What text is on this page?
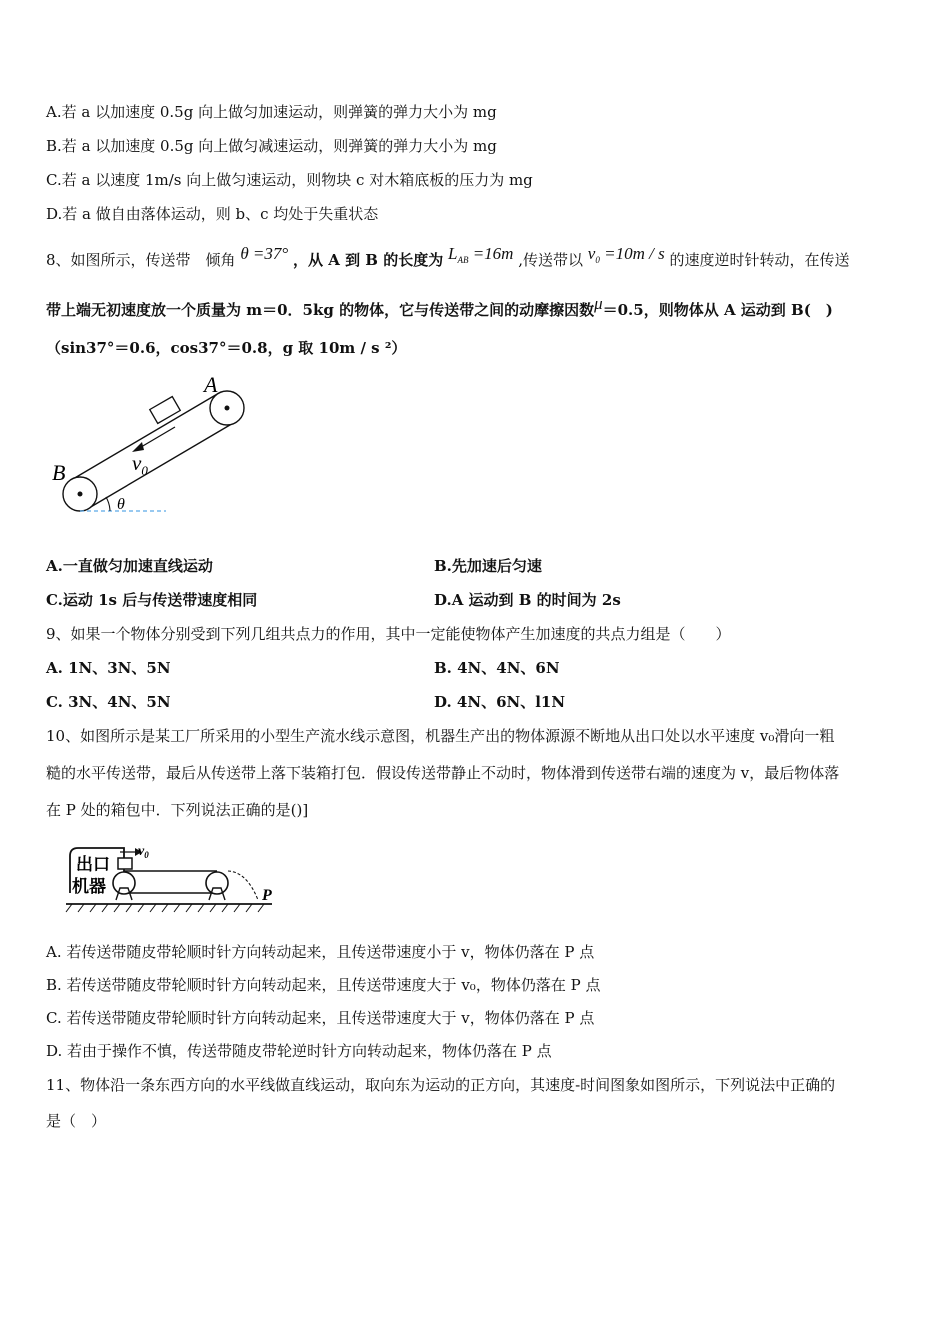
A.若 a 以加速度 0.5g 向上做匀加速运动，则弹簧的弹力大小为 mg
B.若 a 以加速度 0.5g 向上做匀减速运动，则弹簧的弹力大小为 mg
C.若 a 以速度 1m/s 向上做匀速运动，则物块 c 对木箱底板的压力为 mg
D.若 a 做自由落体运动，则 b、c 均处于失重状态
8、如图所示，传送带　倾角 θ =37° ，从 A 到 B 的长度为 $L_{AB} =16m$ ,传送带以 $v_0 =10m / s$ 的速度逆时针转动，在传送
带上端无初速度放一个质量为 m＝0．5kg 的物体，它与传送带之间的动摩擦因数μ＝0.5，则物体从 A 运动到 B(　)
（sin37°＝0.6，cos37°＝0.8，g 取 10m / s ²）
A
B	$v_0$
θ
A.一直做匀加速直线运动	B.先加速后匀速
C.运动 1s 后与传送带速度相同	D.A 运动到 B 的时间为 2s
9、如果一个物体分别受到下列几组共点力的作用，其中一定能使物体产生加速度的共点力组是（　　）
A. 1N、3N、5N	B. 4N、4N、6N
C. 3N、4N、5N	D. 4N、6N、l1N
10、如图所示是某工厂所采用的小型生产流水线示意图，机器生产出的物体源源不断地从出口处以水平速度 v₀滑向一粗
糙的水平传送带，最后从传送带上落下装箱打包．假设传送带静止不动时，物体滑到传送带右端的速度为 v，最后物体落
在 P 处的箱包中．下列说法正确的是()]
出口
机器
$v_0$
P
A. 若传送带随皮带轮顺时针方向转动起来，且传送带速度小于 v，物体仍落在 P 点
B. 若传送带随皮带轮顺时针方向转动起来，且传送带速度大于 v₀，物体仍落在 P 点
C. 若传送带随皮带轮顺时针方向转动起来，且传送带速度大于 v，物体仍落在 P 点
D. 若由于操作不慎，传送带随皮带轮逆时针方向转动起来，物体仍落在 P 点
11、物体沿一条东西方向的水平线做直线运动，取向东为运动的正方向，其速度-时间图象如图所示，下列说法中正确的
是（　）
